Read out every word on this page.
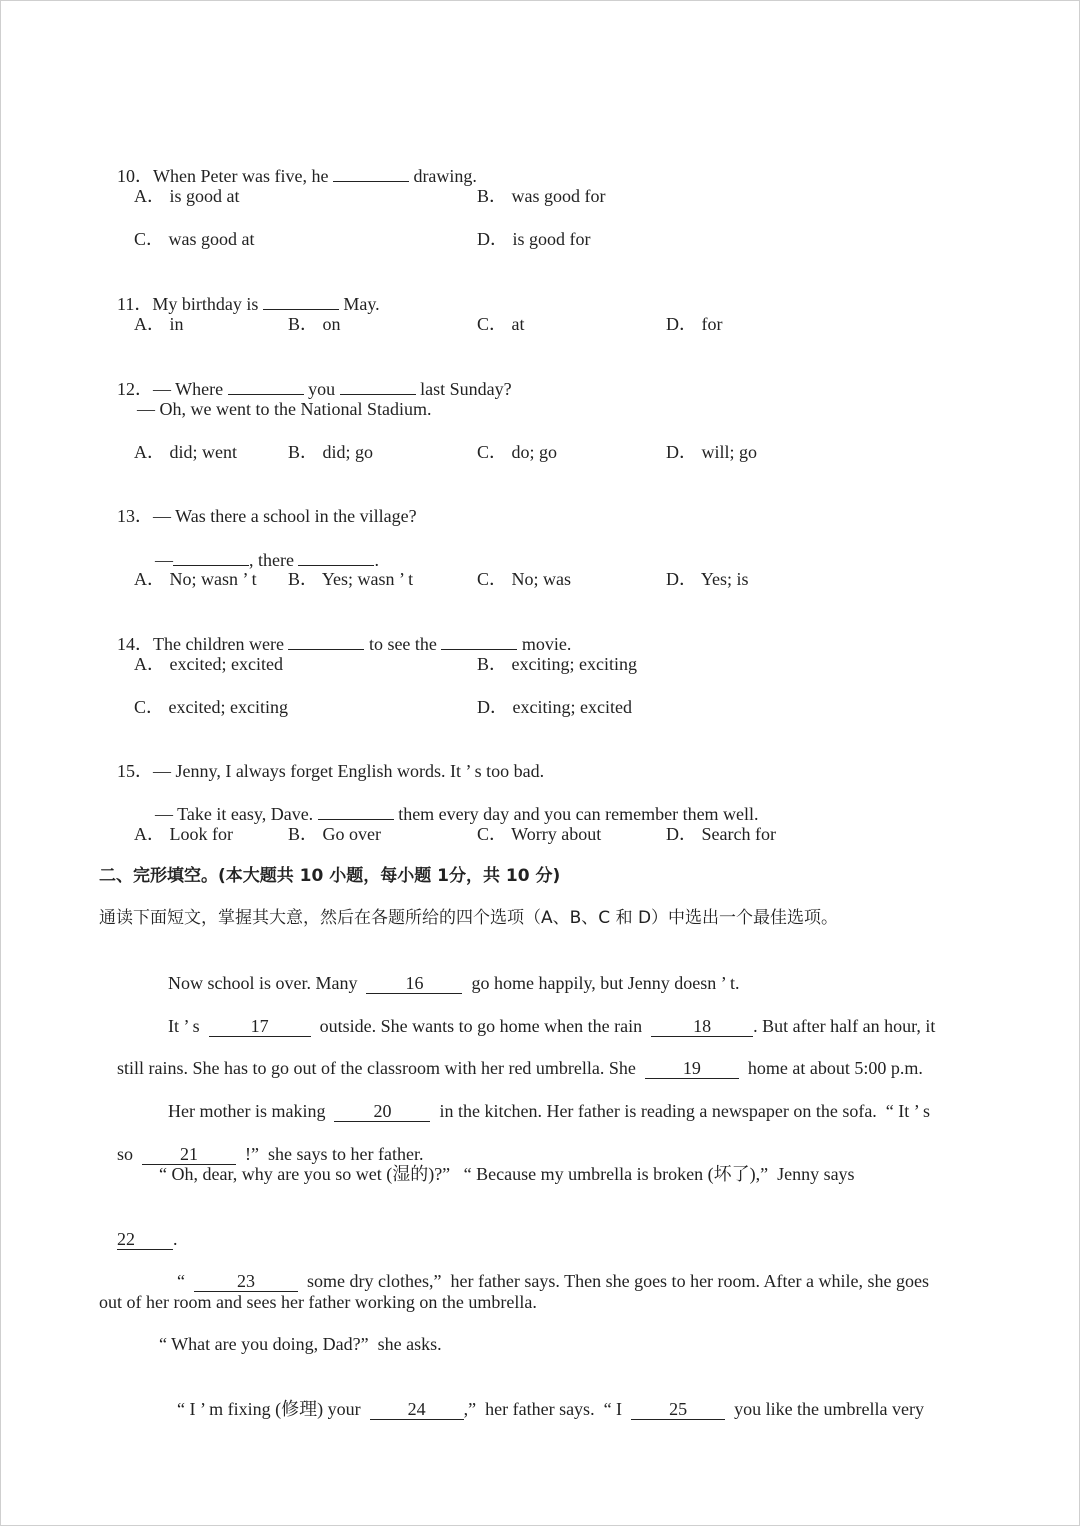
10．When Peter was five, he	drawing.

A． is good at	B． was good for
C． was good at	D． is good for

11．My birthday is	May.

A． in	B． on	C． at	D． for

12．— Where	you	last Sunday?

— Oh, we went to the National Stadium.
A． did; went	B． did; go	C． do; go	D． will; go

13．— Was there a school in the village?

—	, there	.

A． No; wasn ’ t B． Yes; wasn ’ t	C． No; was	D． Yes; is

14．The children were	to see the	movie.

A． excited; excited	B． exciting; exciting
C． excited; exciting	D． exciting; excited

15．— Jenny, I always forget English words. It ’ s too bad.

— Take it easy, Dave.	them every day and you can remember them well.

A． Look for	B． Go over	C． Worry about	D． Search for
二、完形填空。(本大题共 10 小题，每小题 1分，共 10 分)
通读下面短文，掌握其大意，然后在各题所给的四个选项（A、B、C 和 D）中选出一个最佳选项。

Now school is over. Many	16	go home happily, but Jenny doesn ’ t.

It ’ s	17	outside. She wants to go home when the rain	18 . But after half an hour, it

still rains. She has to go out of the classroom with her red umbrella. She	19	home at about 5:00 p.m.

Her mother is making	20	in the kitchen. Her father is reading a newspaper on the sofa.  “ It ’ s

so	21	!”  she says to her father.

“ Oh, dear, why are you so wet (湿的)?”   “ Because my umbrella is broken (坏了),”  Jenny says

22 .

“	23	some dry clothes,”  her father says. Then she goes to her room. After a while, she goes

out of her room and sees her father working on the umbrella.
“ What are you doing, Dad?”  she asks.

“ I ’ m fixing (修理) your	24 ,”  her father says.  “ I	25	you like the umbrella very
